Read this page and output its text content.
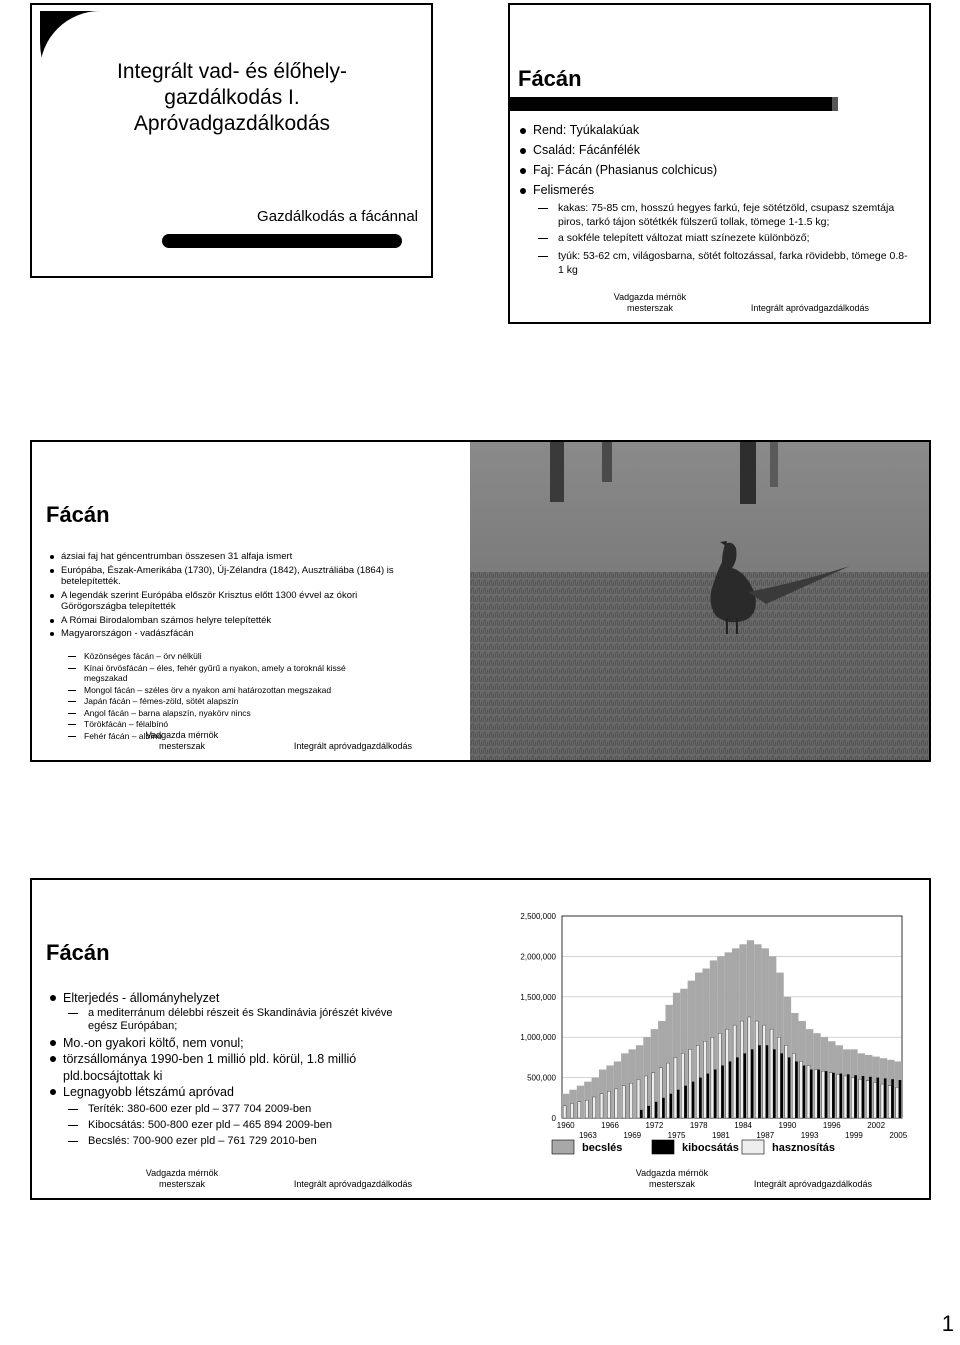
Integrált vad- és élőhely-
gazdálkodás I.
Apróvadgazdálkodás
Gazdálkodás a fácánnal
Fácán
Rend: Tyúkalakúak
Család: Fácánfélék
Faj: Fácán (Phasianus colchicus)
Felismerés
kakas: 75-85 cm, hosszú hegyes farkú, feje sötétzöld, csupasz szemtája piros, tarkó tájon sötétkék fülszerű tollak, tömege 1-1.5 kg;
a sokféle telepített változat miatt színezete különböző;
tyúk: 53-62 cm, világosbarna, sötét foltozással, farka rövidebb, tömege 0.8-1 kg
Vadgazda mérnök
mesterszak	Integrált apróvadgazdálkodás
Fácán
ázsiai faj hat géncentrumban összesen 31 alfaja ismert
Európába, Észak-Amerikába (1730), Új-Zélandra (1842), Ausztráliába (1864) is betelepítették.
A legendák szerint Európába először Krisztus előtt 1300 évvel az ókori Görögországba telepítették
A Római Birodalomban számos helyre telepítették
Magyarországon - vadászfácán
Közönséges fácán – örv nélküli
Kínai örvösfácán – éles, fehér gyűrű a nyakon, amely a toroknál kissé megszakad
Mongol fácán – széles örv a nyakon ami határozottan megszakad
Japán fácán – fémes-zöld, sötét alapszín
Angol fácán – barna alapszín, nyakörv nincs
Törökfácán – félalbínó
Fehér fácán – albínó
Vadgazda mérnök
mesterszak	Integrált apróvadgazdálkodás
Fácán
Elterjedés - állományhelyzet
a mediterránum délebbi részeit és Skandinávia jórészét kivéve egész Európában;
Mo.-on gyakori költő, nem vonul;
törzsállománya 1990-ben 1 millió pld. körül, 1.8 millió pld.bocsájtottak ki
Legnagyobb létszámú apróvad
Teríték: 380-600 ezer pld – 377 704 2009-ben
Kibocsátás: 500-800 ezer pld – 465 894 2009-ben
Becslés: 700-900 ezer pld – 761 729 2010-ben
Vadgazda mérnök
mesterszak	Integrált apróvadgazdálkodás
Vadgazda mérnök
mesterszak	Integrált apróvadgazdálkodás
2,500,000
2,000,000
1,500,000
1,000,000
500,000
0
1960	1966	1972	1978	1984	1990	1996	2002
1963	1969	1975	1981	1987	1993	1999	2005
becslés	kibocsátás	hasznosítás
1
